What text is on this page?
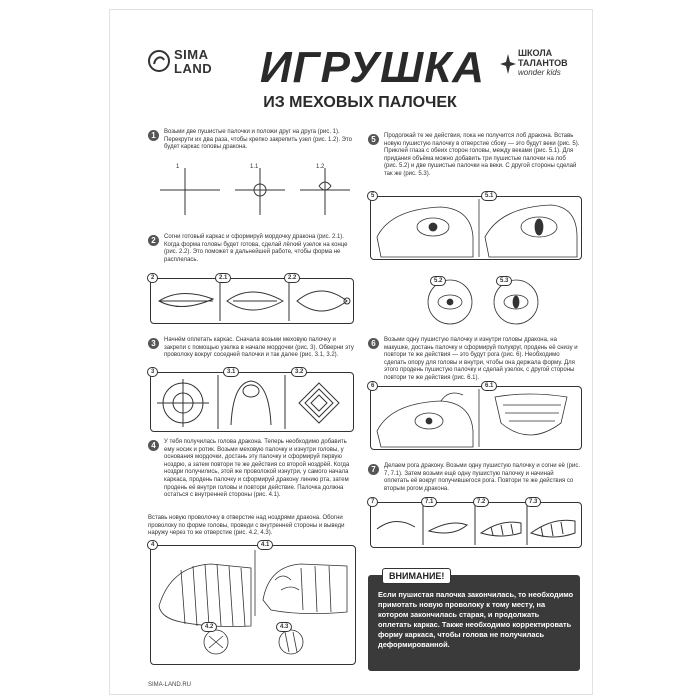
SIMA LAND	ИГРУШКА
ИЗ МЕХОВЫХ ПАЛОЧЕК
ШКОЛА ТАЛАНТОВ
wonder kids
1	Возьми две пушистые палочки и положи друг на друга (рис. 1). Перекрути их два раза, чтобы крепко закрепить узел (рис. 1.2). Это будет каркас головы дракона.
1	1.1	1.2
2	Согни готовый каркас и сформируй мордочку дракона (рис. 2.1). Когда форма головы будет готова, сделай лёгкий узелок на конце (рис. 2.2). Это поможет в дальнейшей работе, чтобы форма не расплелась.
2	2.1	2.2
3	Начнём оплетать каркас. Сначала возьми меховую палочку и закрепи с помощью узелка в начале мордочки (рис. 3). Обверни эту проволоку вокруг соседней палочки и так далее (рис. 3.1, 3.2).
3	3.1	3.2
4	У тебя получилась голова дракона. Теперь необходимо добавить ему носик и ротик. Возьми меховую палочку и изнутри головы, у основания мордочки, достань эту палочку и сформируй первую ноздрю, а затем повтори те же действия со второй ноздрёй. Когда ноздри получились, этой же проволокой изнутри, у самого начала каркаса, продень палочку и сформируй дракону линию рта, затем продень её внутри головы и повтори действие. Палочка должна остаться с внутренней стороны (рис. 4.1).
Вставь новую проволочку в отверстие над ноздрями дракона. Обогни проволоку по форме головы, проведи с внутренней стороны и выведи наружу через то же отверстие (рис. 4.2, 4.3).
4	4.1
4.2	4.3
5	Продолжай те же действия, пока не получится лоб дракона. Вставь новую пушистую палочку в отверстие сбоку — это будут веки (рис. 5). Приклей глаза с обеих сторон головы, между веками (рис. 5.1). Для придания объёма можно добавить три пушистые палочки на лоб (рис. 5.2) и две пушистые палочки на веки. С другой стороны сделай так же (рис. 5.3).
5	5.1
5.2	5.3
6	Возьми одну пушистую палочку и изнутри головы дракона, на макушке, достань палочку и сформируй полукруг, продень её снизу и повтори те же действия — это будут рога (рис. 6). Необходимо сделать опору для головы и внутри, чтобы она держала форму. Для этого продень пушистую палочку и сделай узелок, с другой стороны повтори те же действия (рис. 6.1).
6	6.1
7	Делаем рога дракону. Возьми одну пушистую палочку и согни её (рис. 7, 7.1). Затем возьми ещё одну пушистую палочку и начинай оплетать её вокруг получившегося рога. Повтори те же действия со вторым рогом дракона.
7	7.1	7.2	7.3
ВНИМАНИЕ!
Если пушистая палочка закончилась, то необходимо примотать новую проволоку к тому месту, на котором закончилась старая, и продолжать оплетать каркас. Также необходимо корректировать форму каркаса, чтобы голова не получилась деформированной.
SIMA-LAND.RU
